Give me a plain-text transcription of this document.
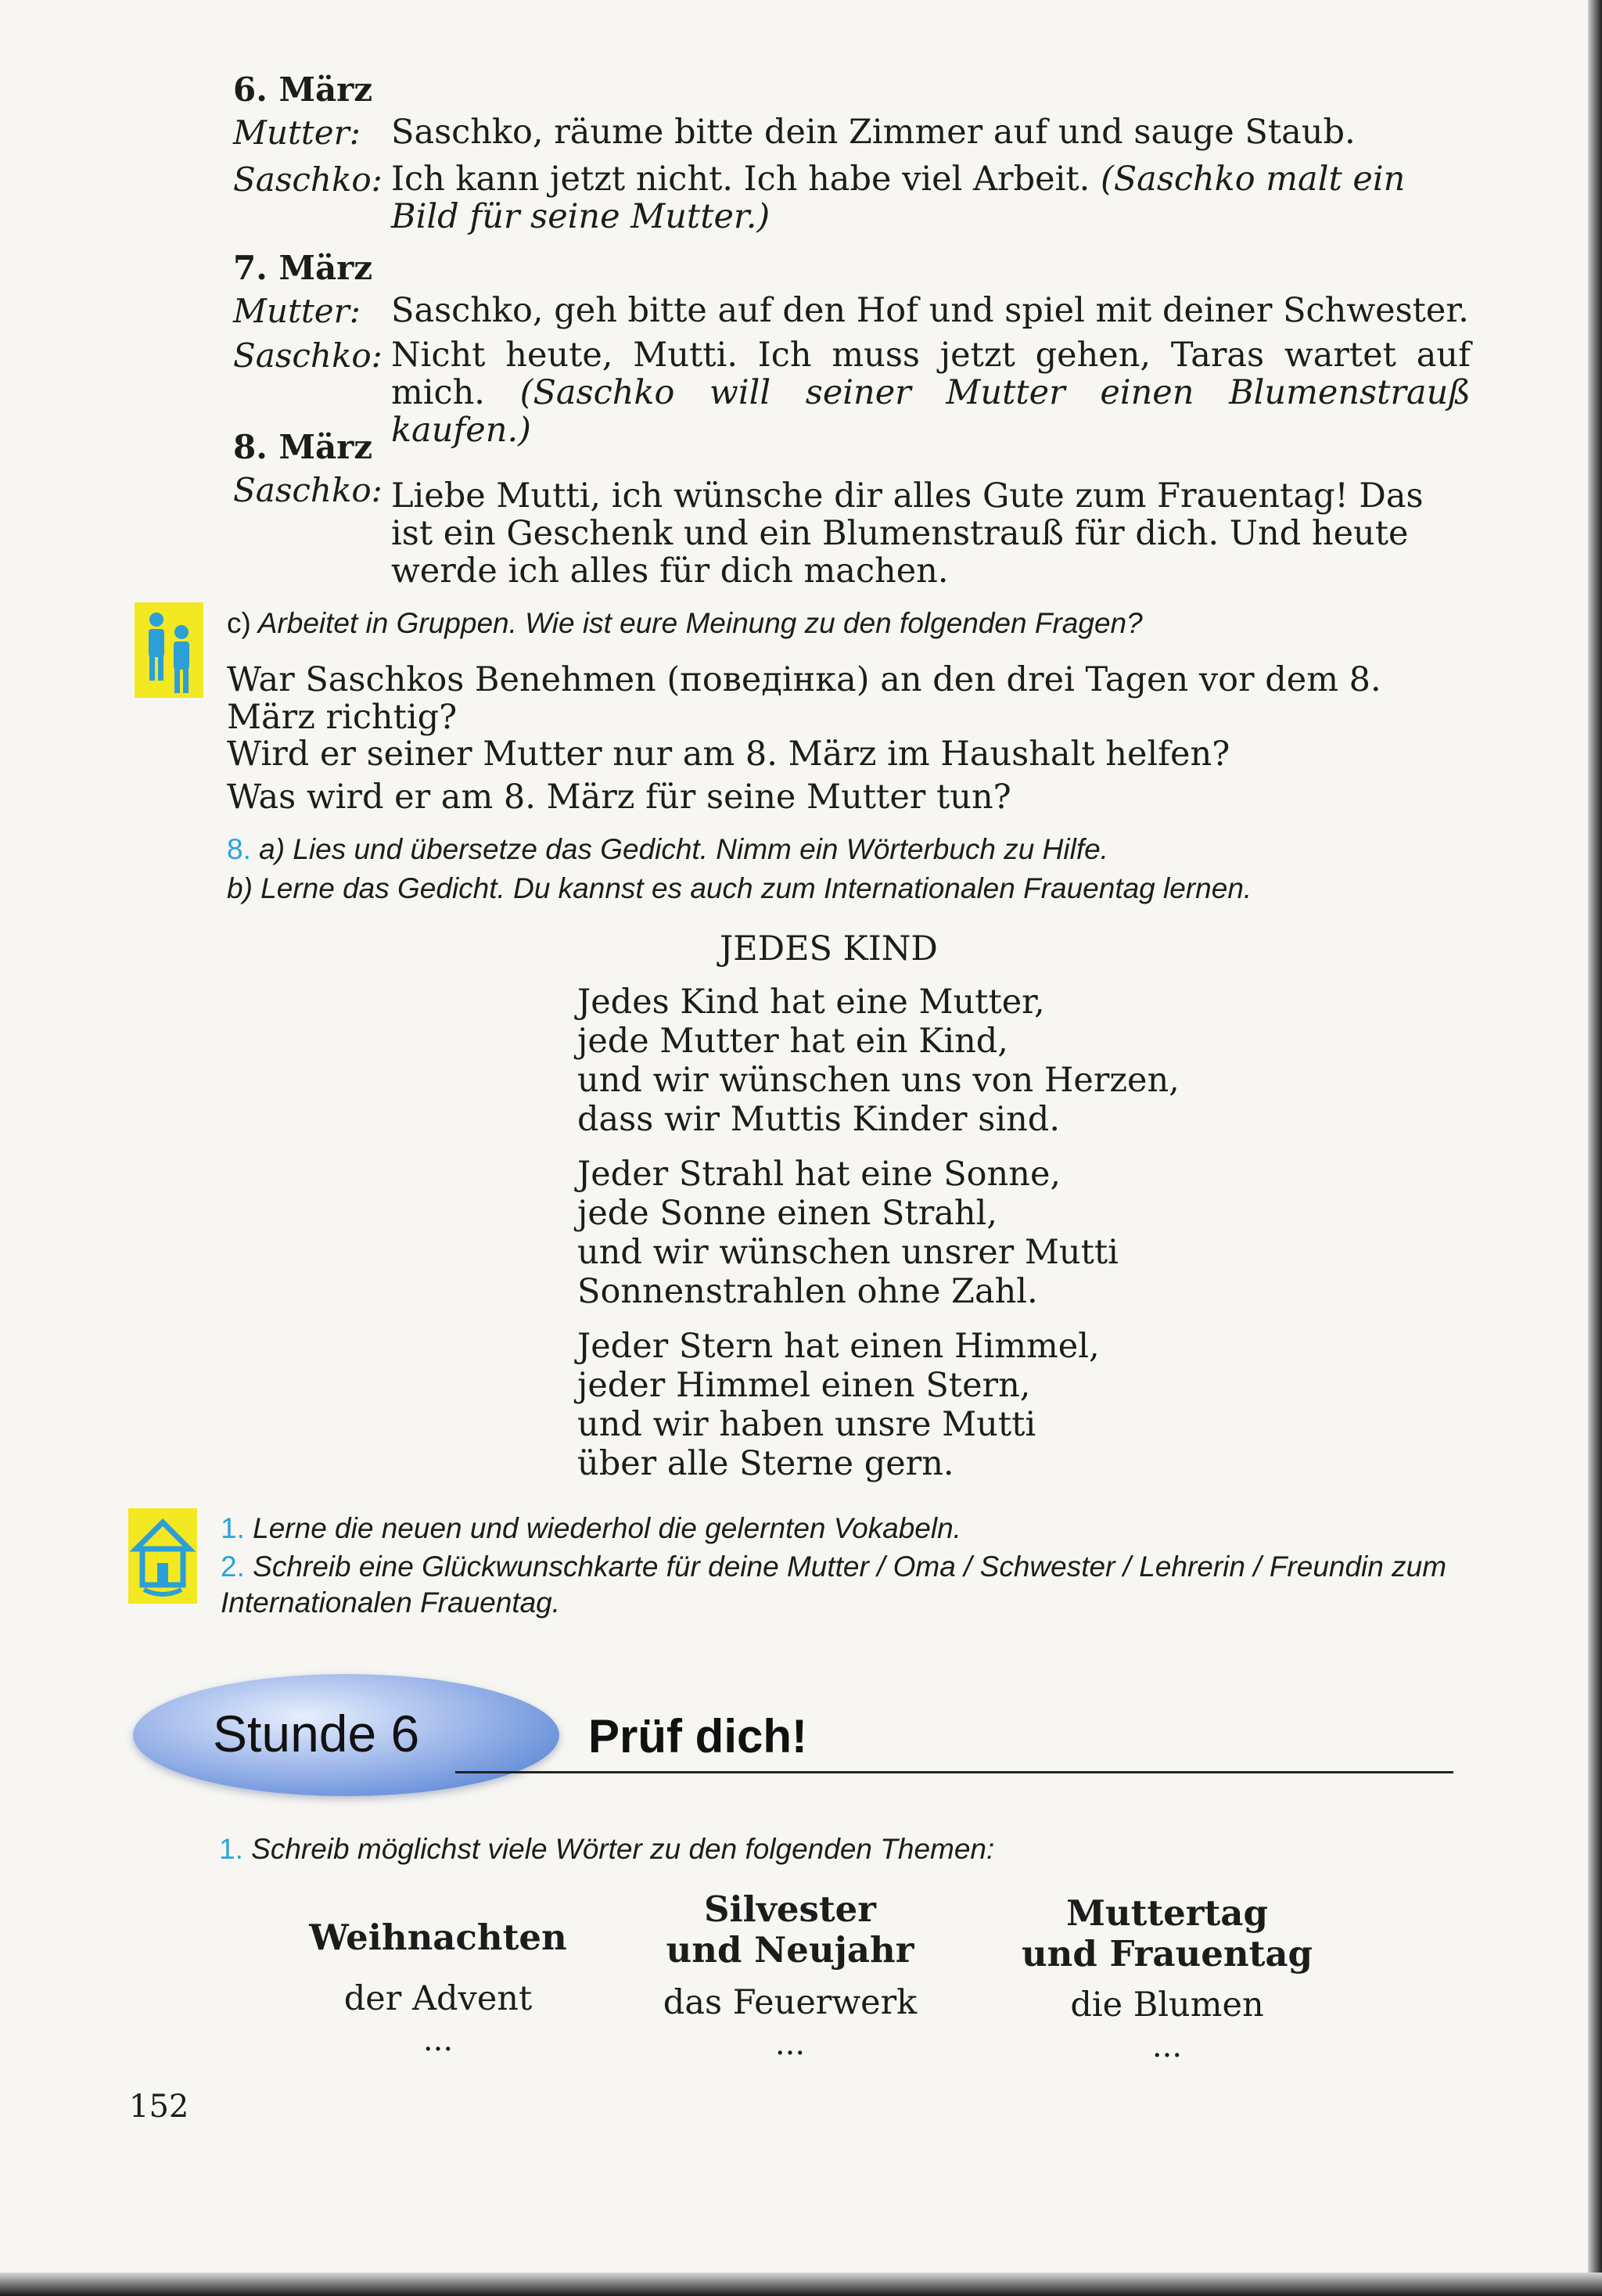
6. März
Mutter: Saschko, räume bitte dein Zimmer auf und sauge Staub.
Saschko: Ich kann jetzt nicht. Ich habe viel Arbeit. (Saschko malt ein Bild für seine Mutter.)
7. März
Mutter: Saschko, geh bitte auf den Hof und spiel mit deiner Schwester.
Saschko: Nicht heute, Mutti. Ich muss jetzt gehen, Taras wartet auf mich. (Saschko will seiner Mutter einen Blumenstrauß kaufen.)
8. März
Saschko: Liebe Mutti, ich wünsche dir alles Gute zum Frauentag! Das ist ein Geschenk und ein Blumenstrauß für dich. Und heute werde ich alles für dich machen.
c) Arbeitet in Gruppen. Wie ist eure Meinung zu den folgenden Fragen?
War Saschkos Benehmen (поведінка) an den drei Tagen vor dem 8. März richtig?
Wird er seiner Mutter nur am 8. März im Haushalt helfen?
Was wird er am 8. März für seine Mutter tun?
8. a) Lies und übersetze das Gedicht. Nimm ein Wörterbuch zu Hilfe.
b) Lerne das Gedicht. Du kannst es auch zum Internationalen Frauentag lernen.
JEDES KIND
Jedes Kind hat eine Mutter,
jede Mutter hat ein Kind,
und wir wünschen uns von Herzen,
dass wir Muttis Kinder sind.
Jeder Strahl hat eine Sonne,
jede Sonne einen Strahl,
und wir wünschen unsrer Mutti
Sonnenstrahlen ohne Zahl.
Jeder Stern hat einen Himmel,
jeder Himmel einen Stern,
und wir haben unsre Mutti
über alle Sterne gern.
1. Lerne die neuen und wiederhol die gelernten Vokabeln.
2. Schreib eine Glückwunschkarte für deine Mutter / Oma / Schwester / Lehrerin / Freundin zum Internationalen Frauentag.
Stunde 6	Prüf dich!
1. Schreib möglichst viele Wörter zu den folgenden Themen:
Weihnachten
der Advent
...
Silvester
und Neujahr
das Feuerwerk
...
Muttertag
und Frauentag
die Blumen
...
152
